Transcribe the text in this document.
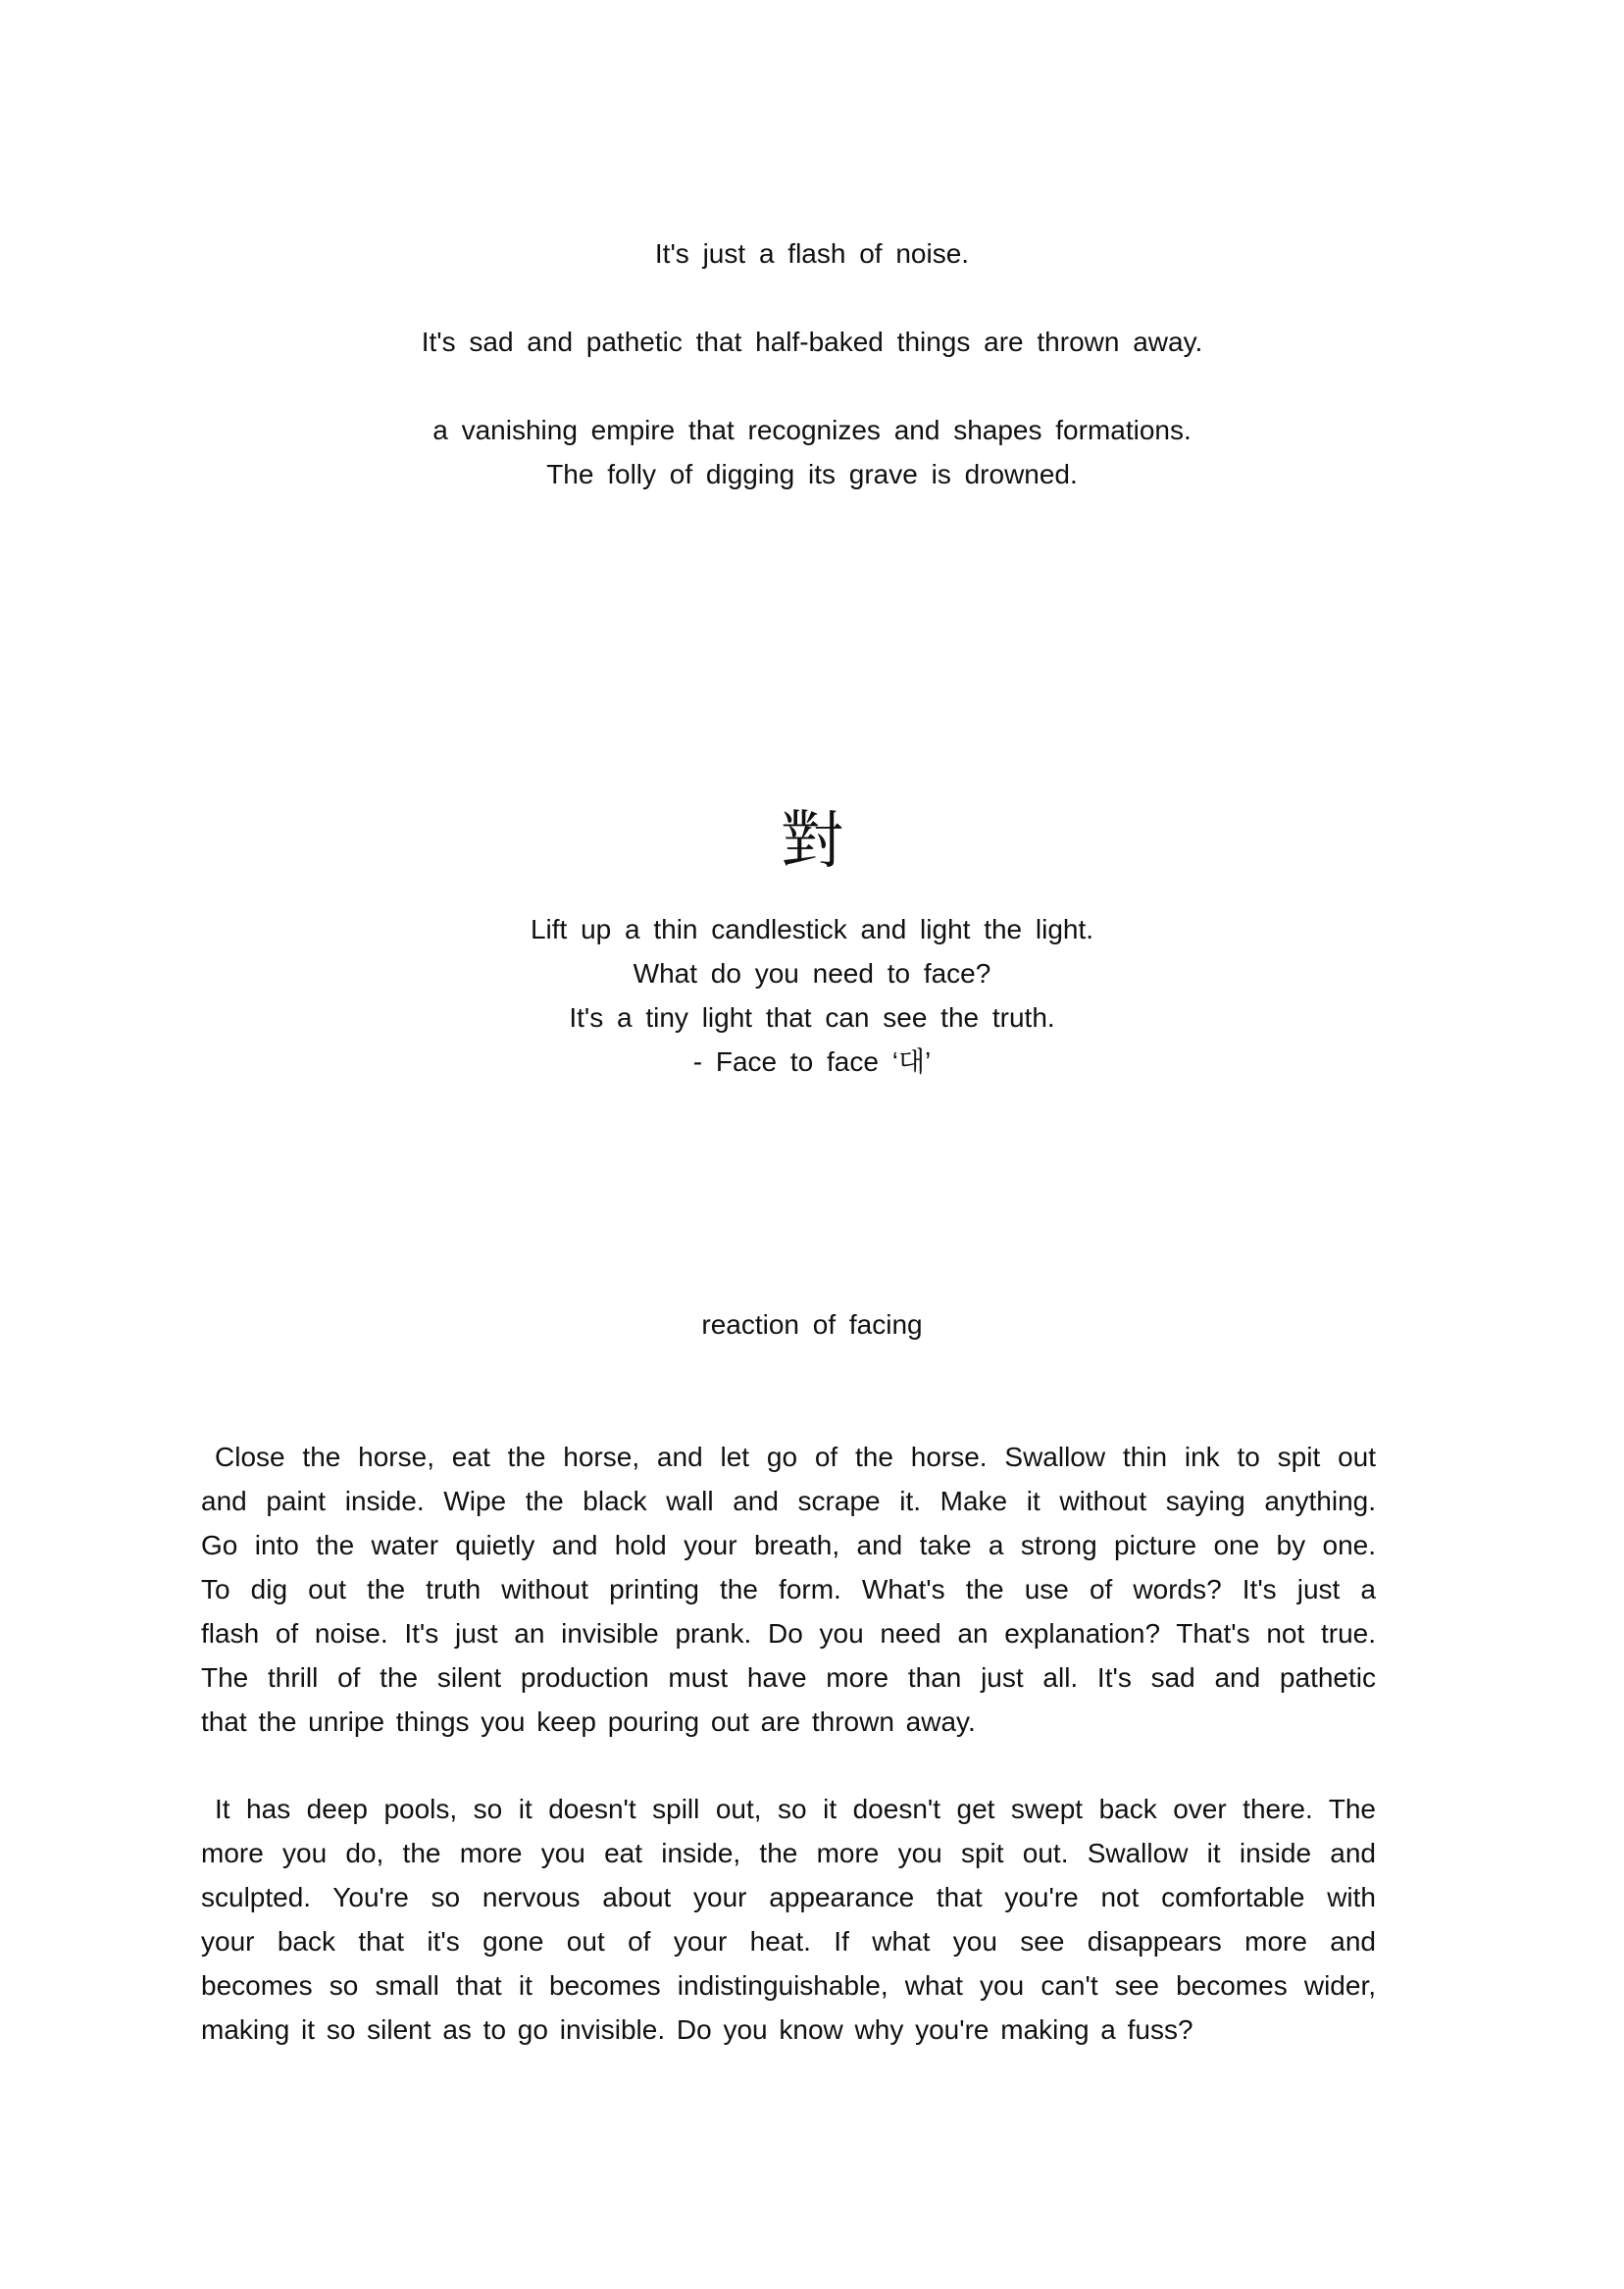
It's just a flash of noise.
It's sad and pathetic that half-baked things are thrown away.
a vanishing empire that recognizes and shapes formations.
The folly of digging its grave is drowned.
對
Lift up a thin candlestick and light the light.
What do you need to face?
It's a tiny light that can see the truth.
- Face to face ‘대’
reaction of facing
Close the horse, eat the horse, and let go of the horse. Swallow thin ink to spit out
and paint inside. Wipe the black wall and scrape it. Make it without saying anything.
Go into the water quietly and hold your breath, and take a strong picture one by one.
To dig out the truth without printing the form. What's the use of words? It's just a
flash of noise. It's just an invisible prank. Do you need an explanation? That's not true.
The thrill of the silent production must have more than just all. It's sad and pathetic
that the unripe things you keep pouring out are thrown away.
It has deep pools, so it doesn't spill out, so it doesn't get swept back over there. The
more you do, the more you eat inside, the more you spit out. Swallow it inside and
sculpted. You're so nervous about your appearance that you're not comfortable with
your back that it's gone out of your heat. If what you see disappears more and
becomes so small that it becomes indistinguishable, what you can't see becomes wider,
making it so silent as to go invisible. Do you know why you're making a fuss?
